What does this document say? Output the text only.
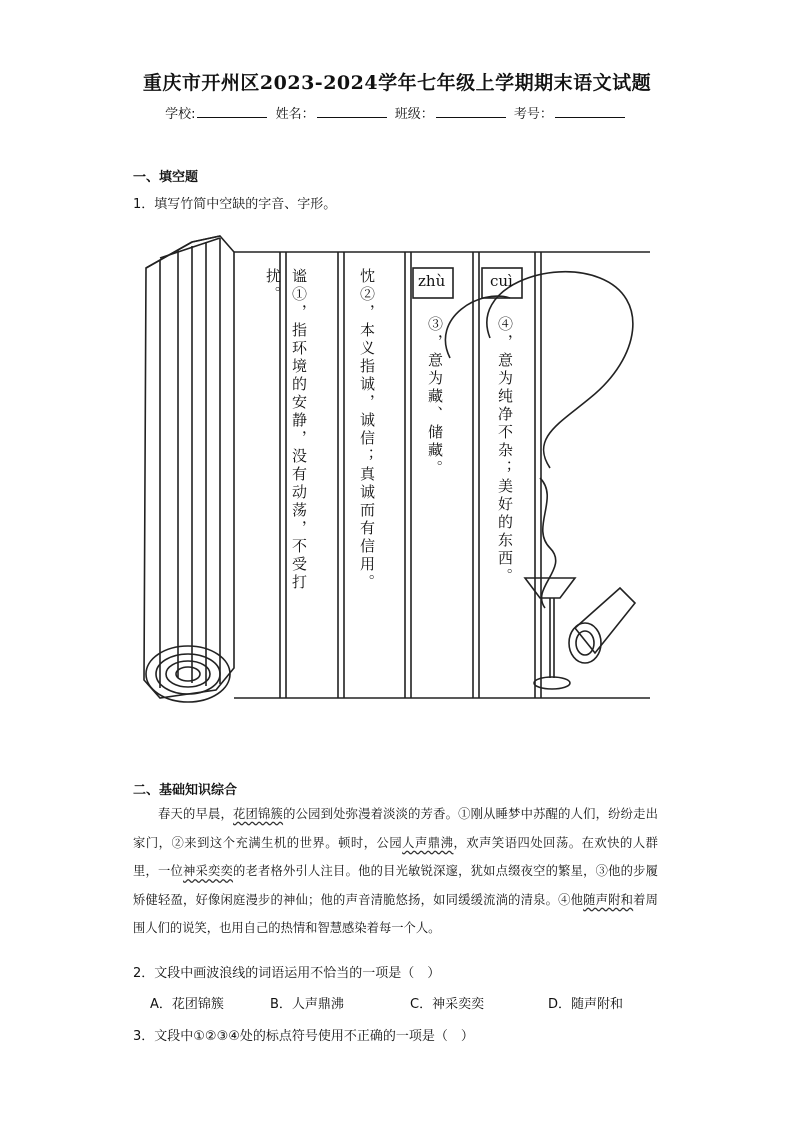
重庆市开州区2023-2024学年七年级上学期期末语文试题
学校:	姓名：	班级：	考号：
一、填空题
1．填写竹简中空缺的字音、字形。
谧①，指环境的安静，没有动荡，不受打
扰。	忱②，本义指诚，诚信；真诚而有信用。	zhù
③，意为藏、储藏。
cuì
④，意为纯净不杂；美好的东西。
二、基础知识综合
春天的早晨，花团锦簇的公园到处弥漫着淡淡的芳香。①刚从睡梦中苏醒的人们，纷纷走出家门，②来到这个充满生机的世界。顿时，公园人声鼎沸，欢声笑语四处回荡。在欢快的人群里，一位神采奕奕的老者格外引人注目。他的目光敏锐深邃，犹如点缀夜空的繁星，③他的步履矫健轻盈，好像闲庭漫步的神仙；他的声音清脆悠扬，如同缓缓流淌的清泉。④他随声附和着周围人们的说笑，也用自己的热情和智慧感染着每一个人。
2．文段中画波浪线的词语运用不恰当的一项是（　）
A．花团锦簇	B．人声鼎沸	C．神采奕奕	D．随声附和
3．文段中①②③④处的标点符号使用不正确的一项是（　）
